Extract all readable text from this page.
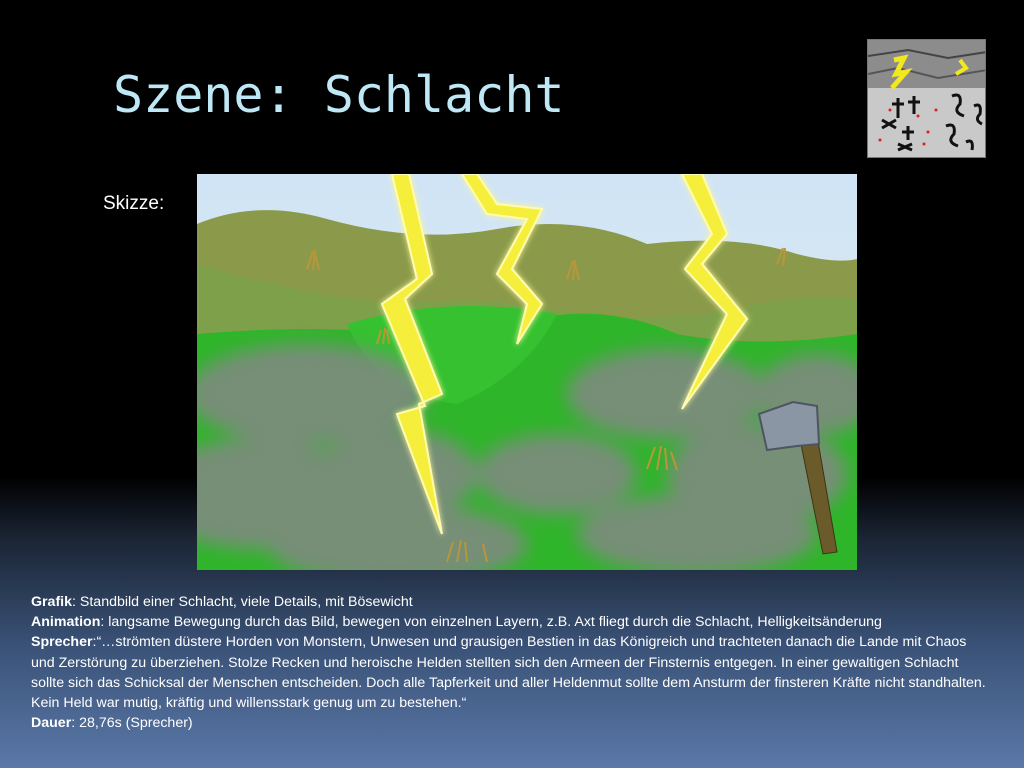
Szene: Schlacht
Skizze:

Grafik: Standbild einer Schlacht, viele Details, mit Bösewicht

Animation: langsame Bewegung durch das Bild, bewegen von einzelnen Layern, z.B. Axt fliegt durch die Schlacht, Helligkeitsänderung

Sprecher:“…strömten düstere Horden von Monstern, Unwesen und grausigen Bestien in das Königreich und trachteten danach die Lande mit Chaos und Zerstörung zu überziehen. Stolze Recken und heroische Helden stellten sich den Armeen der Finsternis entgegen. In einer gewaltigen Schlacht sollte sich das Schicksal der Menschen entscheiden. Doch alle Tapferkeit und aller Heldenmut sollte dem Ansturm der finsteren Kräfte nicht standhalten. Kein Held war mutig, kräftig und willensstark genug um zu bestehen.“

Dauer: 28,76s (Sprecher)
